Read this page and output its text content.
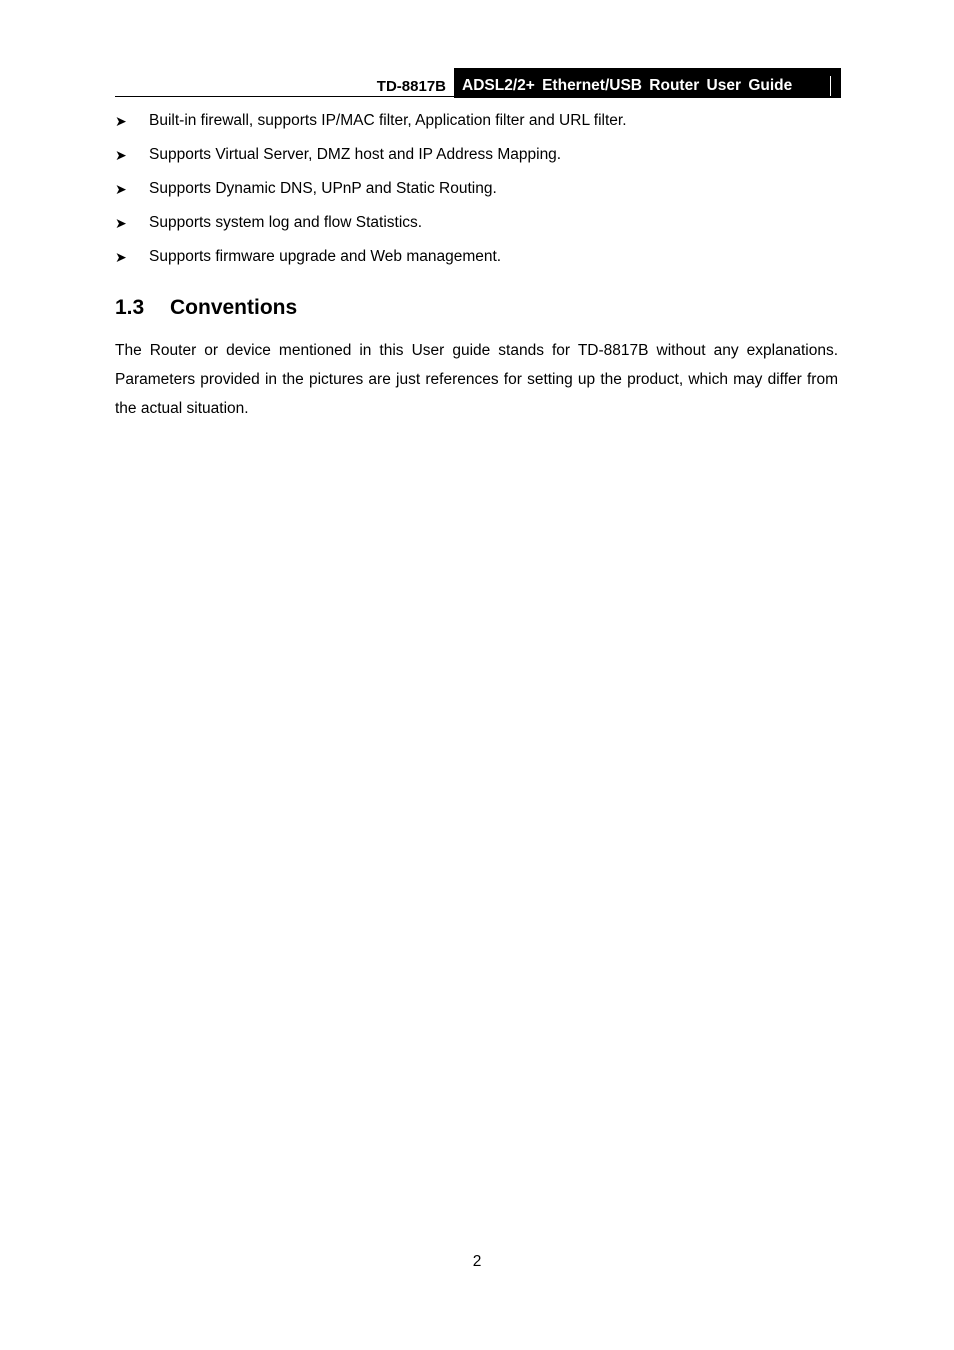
TD-8817B ADSL2/2+ Ethernet/USB Router User Guide
➤ Built-in firewall, supports IP/MAC filter, Application filter and URL filter.
➤ Supports Virtual Server, DMZ host and IP Address Mapping.
➤ Supports Dynamic DNS, UPnP and Static Routing.
➤ Supports system log and flow Statistics.
➤ Supports firmware upgrade and Web management.
1.3 Conventions

The Router or device mentioned in this User guide stands for TD-8817B without any explanations. Parameters provided in the pictures are just references for setting up the product, which may differ from the actual situation.

2
